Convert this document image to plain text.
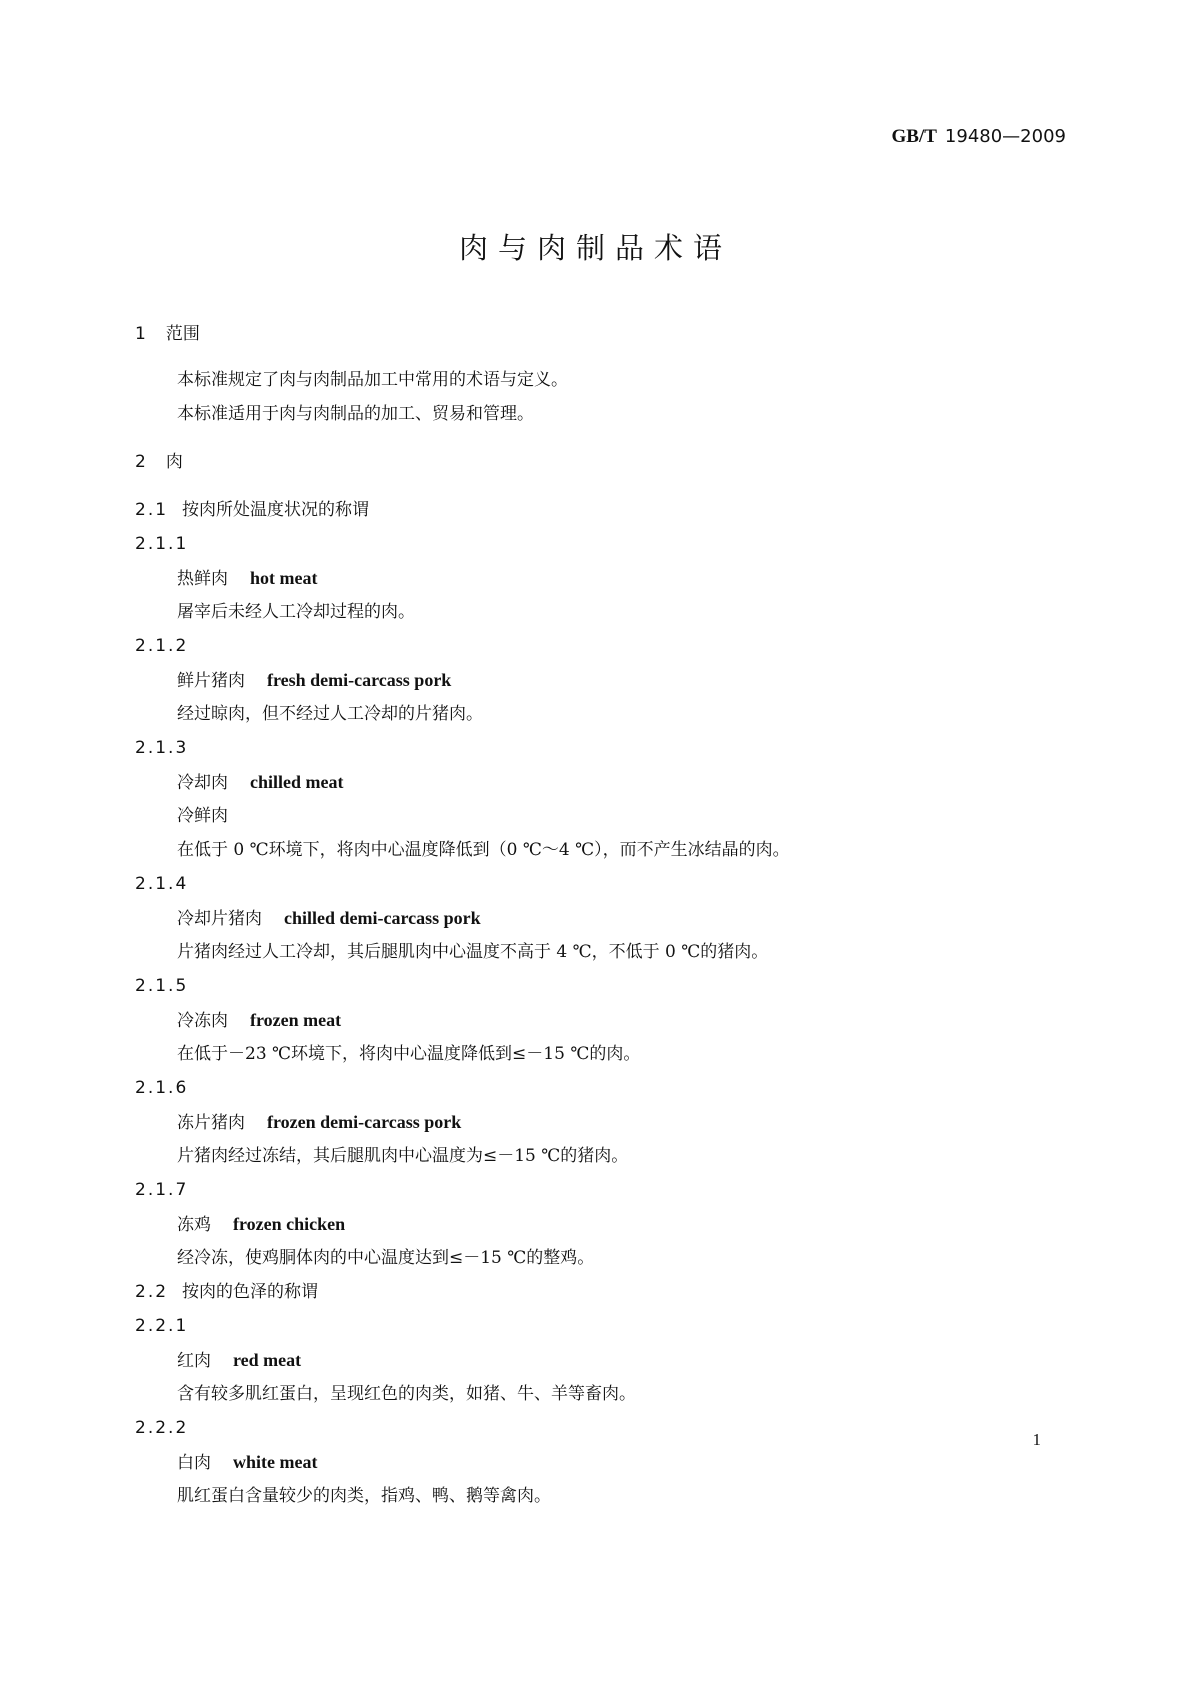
GB/T 19480—2009
肉与肉制品术语
1 范围
本标准规定了肉与肉制品加工中常用的术语与定义。
本标准适用于肉与肉制品的加工、贸易和管理。
2 肉
2.1 按肉所处温度状况的称谓
2.1.1
热鲜肉 hot meat
屠宰后未经人工冷却过程的肉。
2.1.2
鲜片猪肉 fresh demi-carcass pork
经过晾肉，但不经过人工冷却的片猪肉。
2.1.3
冷却肉 chilled meat
冷鲜肉
在低于 0 ℃环境下，将肉中心温度降低到（0 ℃～4 ℃），而不产生冰结晶的肉。
2.1.4
冷却片猪肉 chilled demi-carcass pork
片猪肉经过人工冷却，其后腿肌肉中心温度不高于 4 ℃，不低于 0 ℃的猪肉。
2.1.5
冷冻肉 frozen meat
在低于－23 ℃环境下，将肉中心温度降低到≤－15 ℃的肉。
2.1.6
冻片猪肉 frozen demi-carcass pork
片猪肉经过冻结，其后腿肌肉中心温度为≤－15 ℃的猪肉。
2.1.7
冻鸡 frozen chicken
经冷冻，使鸡胴体肉的中心温度达到≤－15 ℃的整鸡。
2.2 按肉的色泽的称谓
2.2.1
红肉 red meat
含有较多肌红蛋白，呈现红色的肉类，如猪、牛、羊等畜肉。
2.2.2
白肉 white meat
肌红蛋白含量较少的肉类，指鸡、鸭、鹅等禽肉。
1
